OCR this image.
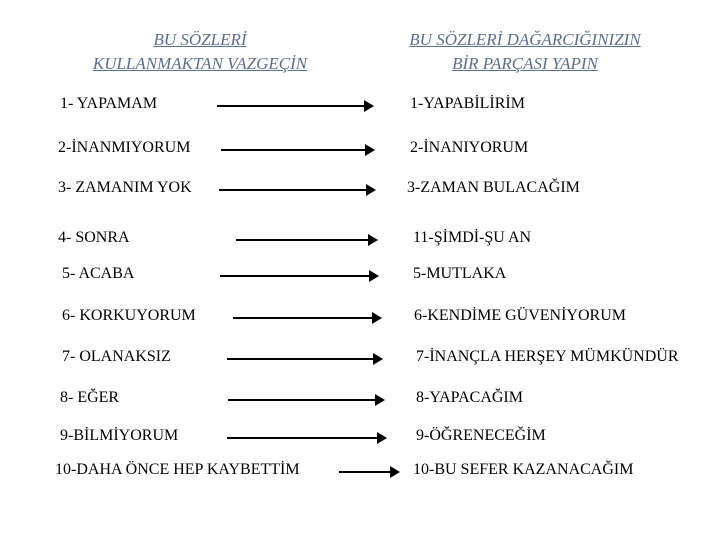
BU SÖZLERİ
KULLANMAKTAN VAZGEÇİN
BU SÖZLERİ DAĞARCIĞINIZIN
BİR PARÇASI YAPIN
1- YAPAMAM	1-YAPABİLİRİM
2-İNANMIYORUM	2-İNANIYORUM
3- ZAMANIM YOK	3-ZAMAN BULACAĞIM
4- SONRA	11-ŞİMDİ-ŞU AN
5- ACABA	5-MUTLAKA
6- KORKUYORUM	6-KENDİME GÜVENİYORUM
7- OLANAKSIZ	7-İNANÇLA HERŞEY MÜMKÜNDÜR
8- EĞER	8-YAPACAĞIM
9-BİLMİYORUM	9-ÖĞRENECEĞİM
10-DAHA ÖNCE HEP KAYBETTİM	10-BU SEFER KAZANACAĞIM
